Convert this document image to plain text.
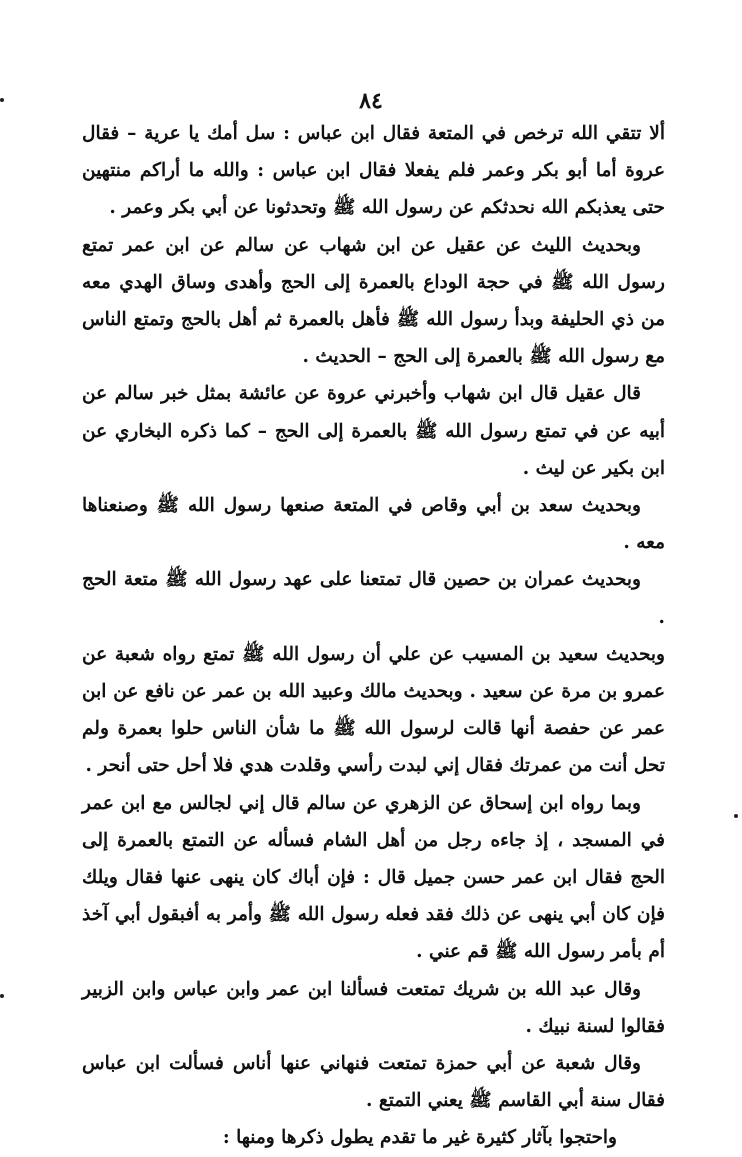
٨٤

ألا تتقي الله ترخص في المتعة فقال ابن عباس : سل أمك يا عرية – فقال عروة أما أبو بكر وعمر فلم يفعلا فقال ابن عباس : والله ما أراكم منتهين حتى يعذبكم الله نحدثكم عن رسول الله ﷺ وتحدثونا عن أبي بكر وعمر .

وبحديث الليث عن عقيل عن ابن شهاب عن سالم عن ابن عمر تمتع رسول الله ﷺ في حجة الوداع بالعمرة إلى الحج وأهدى وساق الهدي معه من ذي الحليفة وبدأ رسول الله ﷺ فأهل بالعمرة ثم أهل بالحج وتمتع الناس مع رسول الله ﷺ بالعمرة إلى الحج – الحديث .

قال عقيل قال ابن شهاب وأخبرني عروة عن عائشة بمثل خبر سالم عن أبيه عن في تمتع رسول الله ﷺ بالعمرة إلى الحج – كما ذكره البخاري عن ابن بكير عن ليث .

وبحديث سعد بن أبي وقاص في المتعة صنعها رسول الله ﷺ وصنعناها معه .

وبحديث عمران بن حصين قال تمتعنا على عهد رسول الله ﷺ متعة الحج .

وبحديث سعيد بن المسيب عن علي أن رسول الله ﷺ تمتع رواه شعبة عن عمرو بن مرة عن سعيد . وبحديث مالك وعبيد الله بن عمر عن نافع عن ابن عمر عن حفصة أنها قالت لرسول الله ﷺ ما شأن الناس حلوا بعمرة ولم تحل أنت من عمرتك فقال إني لبدت رأسي وقلدت هدي فلا أحل حتى أنحر .

وبما رواه ابن إسحاق عن الزهري عن سالم قال إني لجالس مع ابن عمر في المسجد ، إذ جاءه رجل من أهل الشام فسأله عن التمتع بالعمرة إلى الحج فقال ابن عمر حسن جميل قال : فإن أباك كان ينهى عنها فقال ويلك فإن كان أبي ينهى عن ذلك فقد فعله رسول الله ﷺ وأمر به أفبقول أبي آخذ أم بأمر رسول الله ﷺ قم عني .

وقال عبد الله بن شريك تمتعت فسألنا ابن عمر وابن عباس وابن الزبير فقالوا لسنة نبيك .

وقال شعبة عن أبي حمزة تمتعت فنهاني عنها أناس فسألت ابن عباس فقال سنة أبي القاسم ﷺ يعني التمتع .

واحتجوا بآثار كثيرة غير ما تقدم يطول ذكرها ومنها :
